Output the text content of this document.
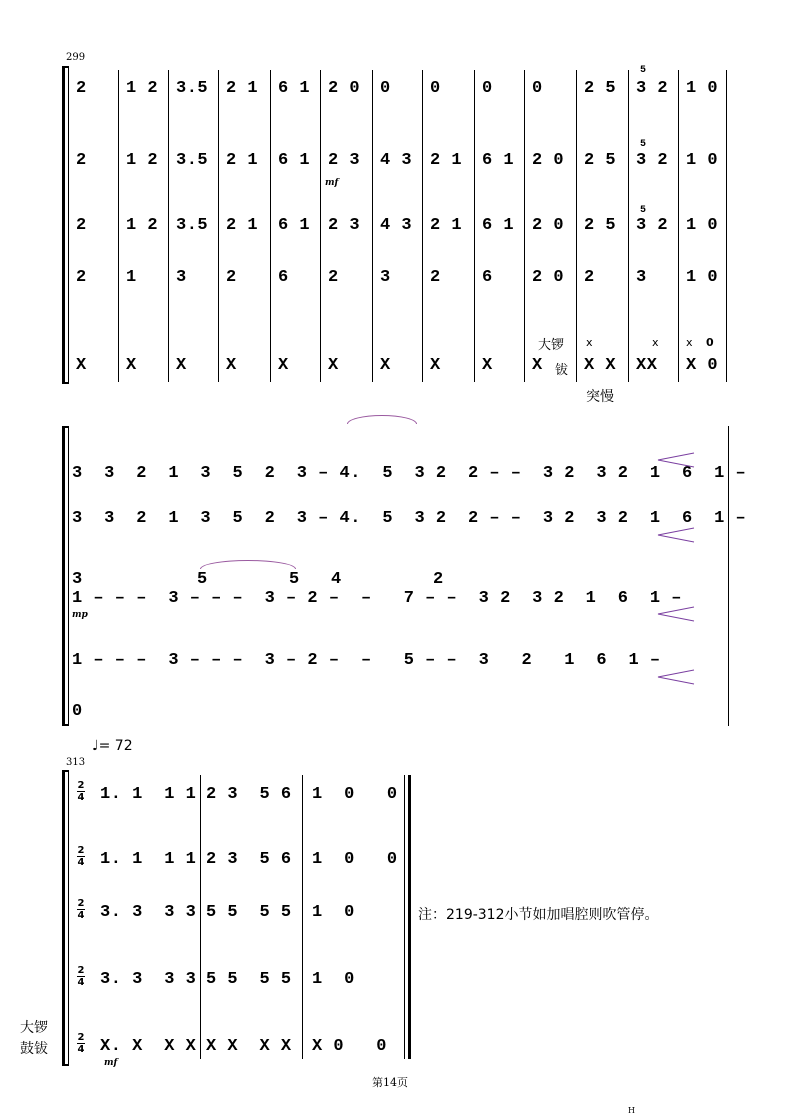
299
2 1 2 3.5 2 1 6 1 2 0 0 0 0 0 2 5 3 2 1 0
2 1 2 3.5 2 1 6 1 2 3 4 3 2 1 6 1 2 0 2 5 3 2 1 0
2 1 2 3.5 2 1 6 1 2 3 4 3 2 1 6 1 2 0 2 5 3 2 1 0
2 1 3 2 6 2 3 2 6 2 0 2 3 1 0
X X X X X X X X X X X X XX X 0
5
5
5
mf
大锣
钹
突慢
x	x x 0
3  3  2  1  3  5  2  3 – 4.  5  3 2  2 – –  3 2  3 2  1  6  1 –
3  3  2  1  3  5  2  3 – 4.  5  3 2  2 – –  3 2  3 2  1  6  1 –
1 – – –  3 – – –  3 – 2 –  –   7 – –  3 2  3 2  1  6  1 –
1 – – –  3 – – –  3 – 2 –  –   5 – –  3   2   1  6  1 –
0
3	5	5 4	2
mp
313
♩= 72
2
4 1. 1  1 1 2 3  5 6 1  0   0
2
4 1. 1  1 1 2 3  5 6 1  0   0
2
4 3. 3  3 3 5 5  5 5 1  0
2
4 3. 3  3 3 5 5  5 5 1  0
2
4 X. X  X X X X  X X X 0   0
大锣
鼓钹
mf
注：219-312小节如加唱腔则吹管停。
第14页
H
